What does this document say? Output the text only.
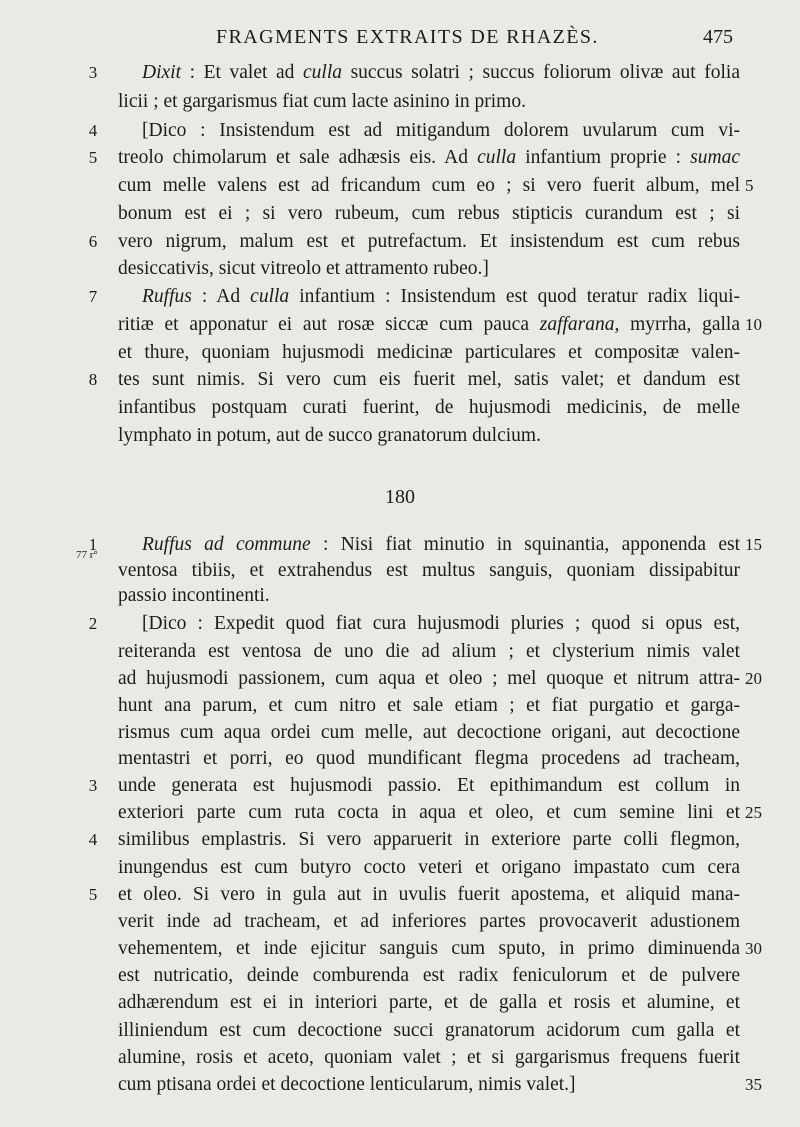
FRAGMENTS EXTRAITS DE RHAZÈS.	475
Dixit : Et valet ad culla succus solatri ; succus foliorum olivæ aut folia
licii ; et gargarismus fiat cum lacte asinino in primo.
[Dico : Insistendum est ad mitigandum dolorem uvularum cum vi-
treolo chimolarum et sale adhæsis eis. Ad culla infantium proprie : sumac
cum melle valens est ad fricandum cum eo ; si vero fuerit album, mel
bonum est ei ; si vero rubeum, cum rebus stipticis curandum est ; si
vero nigrum, malum est et putrefactum. Et insistendum est cum rebus
desiccativis, sicut vitreolo et attramento rubeo.]
Ruffus : Ad culla infantium : Insistendum est quod teratur radix liqui-
ritiæ et apponatur ei aut rosæ siccæ cum pauca zaffarana, myrrha, galla
et thure, quoniam hujusmodi medicinæ particulares et compositæ valen-
tes sunt nimis. Si vero cum eis fuerit mel, satis valet; et dandum est
infantibus postquam curati fuerint, de hujusmodi medicinis, de melle
lymphato in potum, aut de succo granatorum dulcium.
Ruffus ad commune : Nisi fiat minutio in squinantia, apponenda est
ventosa tibiis, et extrahendus est multus sanguis, quoniam dissipabitur
passio incontinenti.
[Dico : Expedit quod fiat cura hujusmodi pluries ; quod si opus est,
reiteranda est ventosa de uno die ad alium ; et clysterium nimis valet
ad hujusmodi passionem, cum aqua et oleo ; mel quoque et nitrum attra-
hunt ana parum, et cum nitro et sale etiam ; et fiat purgatio et garga-
rismus cum aqua ordei cum melle, aut decoctione origani, aut decoctione
mentastri et porri, eo quod mundificant flegma procedens ad tracheam,
unde generata est hujusmodi passio. Et epithimandum est collum in
exteriori parte cum ruta cocta in aqua et oleo, et cum semine lini et
similibus emplastris. Si vero apparuerit in exteriore parte colli flegmon,
inungendus est cum butyro cocto veteri et origano impastato cum cera
et oleo. Si vero in gula aut in uvulis fuerit apostema, et aliquid mana-
verit inde ad tracheam, et ad inferiores partes provocaverit adustionem
vehementem, et inde ejicitur sanguis cum sputo, in primo diminuenda
est nutricatio, deinde comburenda est radix feniculorum et de pulvere
adhærendum est ei in interiori parte, et de galla et rosis et alumine, et
illiniendum est cum decoctione succi granatorum acidorum cum galla et
alumine, rosis et aceto, quoniam valet ; et si gargarismus frequens fuerit
cum ptisana ordei et decoctione lenticularum, nimis valet.]
180
77 r°
3
4
5
6
7
8
1
2
3
4
5
5
10
15
20
25
30
35
